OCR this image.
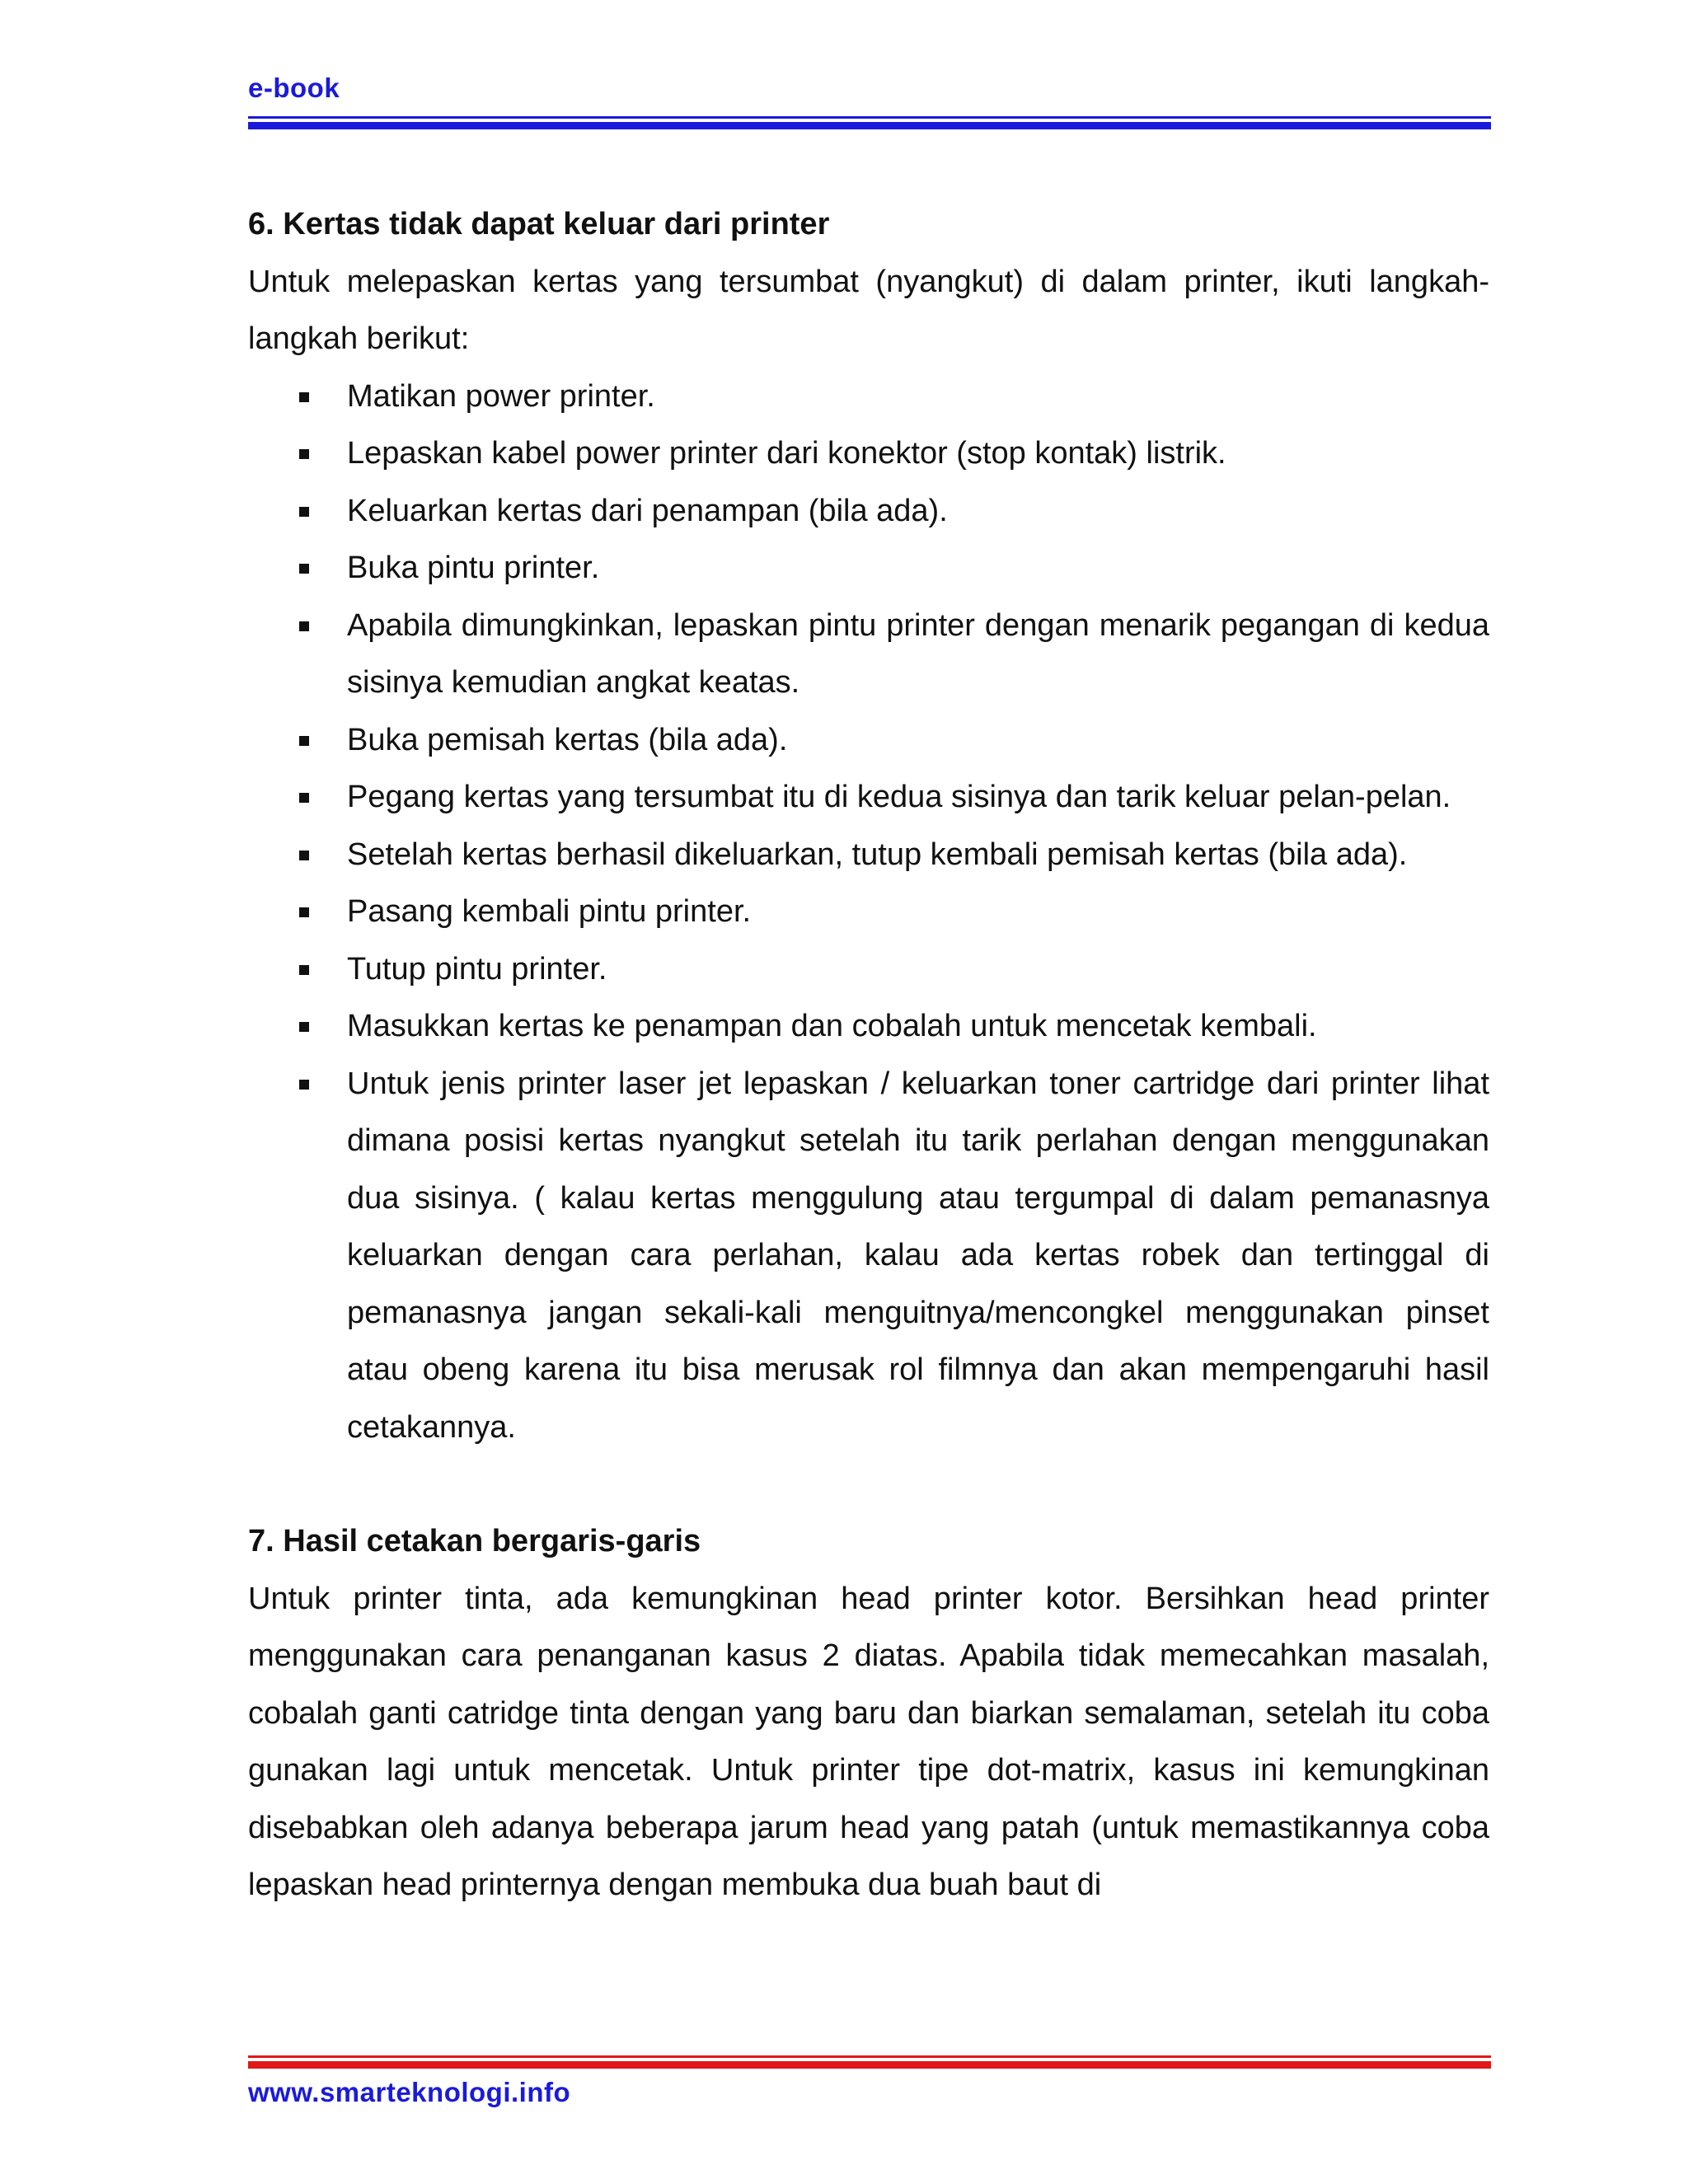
e-book
6. Kertas tidak dapat keluar dari printer

Untuk melepaskan kertas yang tersumbat (nyangkut) di dalam printer, ikuti langkah-langkah berikut:

Matikan power printer.
Lepaskan kabel power printer dari konektor (stop kontak) listrik.
Keluarkan kertas dari penampan (bila ada).
Buka pintu printer.
Apabila dimungkinkan, lepaskan pintu printer dengan menarik pegangan di kedua sisinya kemudian angkat keatas.
Buka pemisah kertas (bila ada).
Pegang kertas yang tersumbat itu di kedua sisinya dan tarik keluar pelan-pelan.
Setelah kertas berhasil dikeluarkan, tutup kembali pemisah kertas (bila ada).
Pasang kembali pintu printer.
Tutup pintu printer.
Masukkan kertas ke penampan dan cobalah untuk mencetak kembali.
Untuk jenis printer laser jet lepaskan / keluarkan toner cartridge dari printer lihat dimana posisi kertas nyangkut setelah itu tarik perlahan dengan menggunakan dua sisinya. ( kalau kertas menggulung atau tergumpal di dalam pemanasnya keluarkan dengan cara perlahan, kalau ada kertas robek dan tertinggal di pemanasnya jangan sekali-kali menguitnya/mencongkel menggunakan pinset atau obeng karena itu bisa merusak rol filmnya dan akan mempengaruhi hasil cetakannya.
7. Hasil cetakan bergaris-garis

Untuk printer tinta, ada kemungkinan head printer kotor. Bersihkan head printer menggunakan cara penanganan kasus 2 diatas. Apabila tidak memecahkan masalah, cobalah ganti catridge tinta dengan yang baru dan biarkan semalaman, setelah itu coba gunakan lagi untuk mencetak. Untuk printer tipe dot-matrix, kasus ini kemungkinan disebabkan oleh adanya beberapa jarum head yang patah (untuk memastikannya coba lepaskan head printernya dengan membuka dua buah baut di

www.smarteknologi.info
